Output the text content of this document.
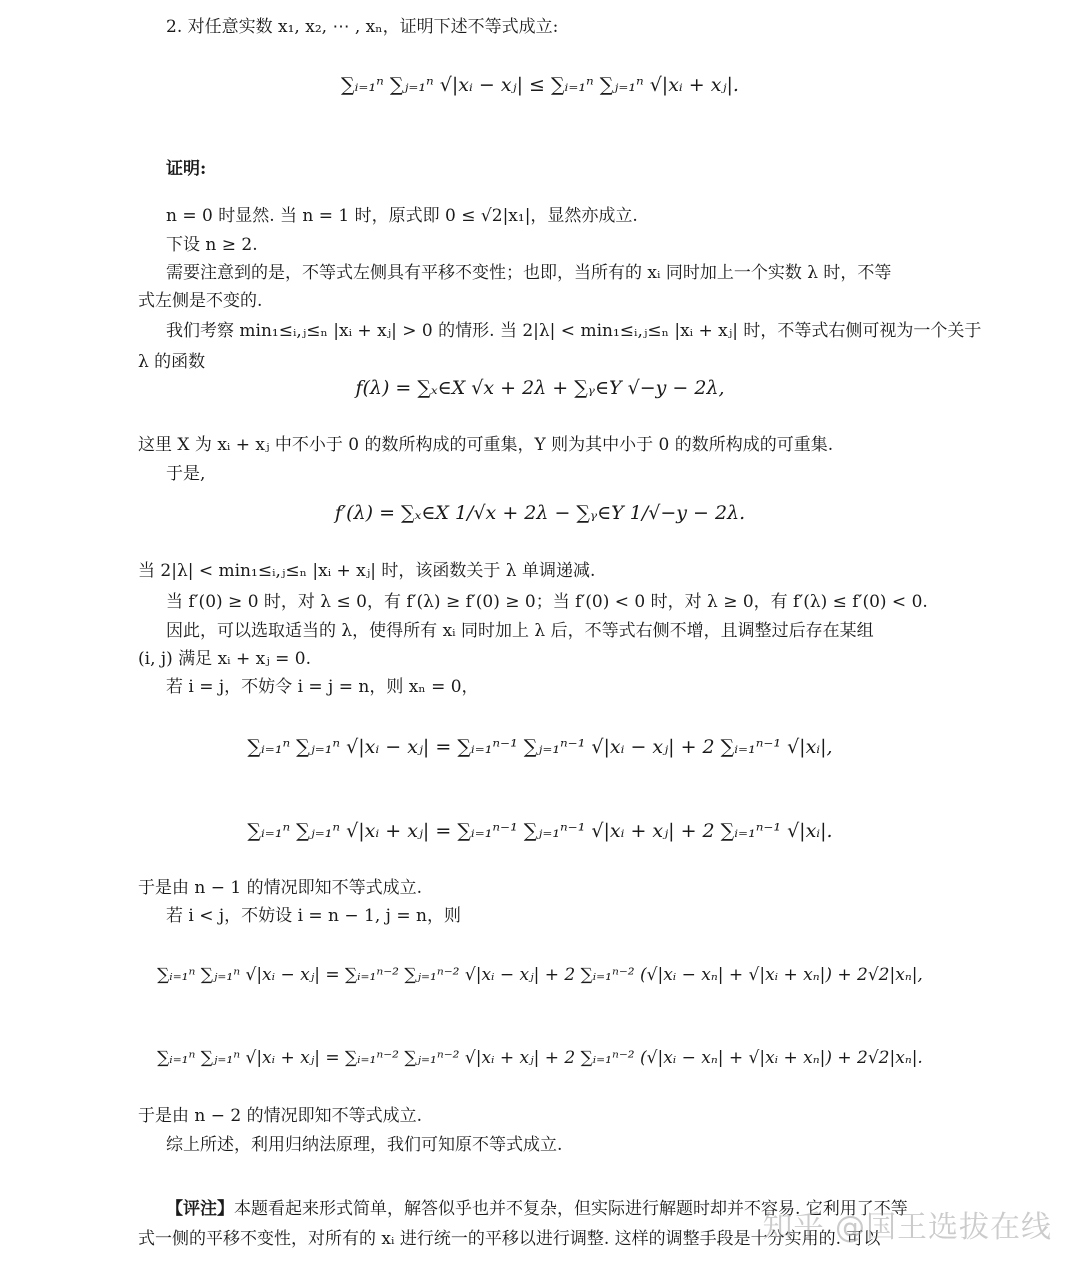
2. 对任意实数 x₁, x₂, ⋯ , xₙ，证明下述不等式成立:
∑ᵢ₌₁ⁿ ∑ⱼ₌₁ⁿ √|xᵢ − xⱼ| ≤ ∑ᵢ₌₁ⁿ ∑ⱼ₌₁ⁿ √|xᵢ + xⱼ|.
证明:
n = 0 时显然. 当 n = 1 时，原式即 0 ≤ √2|x₁|，显然亦成立.
下设 n ≥ 2.
需要注意到的是，不等式左侧具有平移不变性；也即，当所有的 xᵢ 同时加上一个实数 λ 时，不等
式左侧是不变的.
我们考察 min₁≤ᵢ,ⱼ≤ₙ |xᵢ + xⱼ| > 0 的情形. 当 2|λ| < min₁≤ᵢ,ⱼ≤ₙ |xᵢ + xⱼ| 时，不等式右侧可视为一个关于
λ 的函数
f(λ) = ∑ₓ∈X √x + 2λ + ∑ᵧ∈Y √−y − 2λ,
这里 X 为 xᵢ + xⱼ 中不小于 0 的数所构成的可重集，Y 则为其中小于 0 的数所构成的可重集.
于是,
f′(λ) = ∑ₓ∈X 1/√x + 2λ − ∑ᵧ∈Y 1/√−y − 2λ.
当 2|λ| < min₁≤ᵢ,ⱼ≤ₙ |xᵢ + xⱼ| 时，该函数关于 λ 单调递减.
当 f′(0) ≥ 0 时，对 λ ≤ 0，有 f′(λ) ≥ f′(0) ≥ 0；当 f′(0) < 0 时，对 λ ≥ 0，有 f′(λ) ≤ f′(0) < 0.
因此，可以选取适当的 λ，使得所有 xᵢ 同时加上 λ 后，不等式右侧不增，且调整过后存在某组
(i, j) 满足 xᵢ + xⱼ = 0.
若 i = j，不妨令 i = j = n，则 xₙ = 0，
∑ᵢ₌₁ⁿ ∑ⱼ₌₁ⁿ √|xᵢ − xⱼ| = ∑ᵢ₌₁ⁿ⁻¹ ∑ⱼ₌₁ⁿ⁻¹ √|xᵢ − xⱼ| + 2 ∑ᵢ₌₁ⁿ⁻¹ √|xᵢ|,
∑ᵢ₌₁ⁿ ∑ⱼ₌₁ⁿ √|xᵢ + xⱼ| = ∑ᵢ₌₁ⁿ⁻¹ ∑ⱼ₌₁ⁿ⁻¹ √|xᵢ + xⱼ| + 2 ∑ᵢ₌₁ⁿ⁻¹ √|xᵢ|.
于是由 n − 1 的情况即知不等式成立.
若 i < j，不妨设 i = n − 1, j = n，则
∑ᵢ₌₁ⁿ ∑ⱼ₌₁ⁿ √|xᵢ − xⱼ| = ∑ᵢ₌₁ⁿ⁻² ∑ⱼ₌₁ⁿ⁻² √|xᵢ − xⱼ| + 2 ∑ᵢ₌₁ⁿ⁻² (√|xᵢ − xₙ| + √|xᵢ + xₙ|) + 2√2|xₙ|,
∑ᵢ₌₁ⁿ ∑ⱼ₌₁ⁿ √|xᵢ + xⱼ| = ∑ᵢ₌₁ⁿ⁻² ∑ⱼ₌₁ⁿ⁻² √|xᵢ + xⱼ| + 2 ∑ᵢ₌₁ⁿ⁻² (√|xᵢ − xₙ| + √|xᵢ + xₙ|) + 2√2|xₙ|.
于是由 n − 2 的情况即知不等式成立.
综上所述，利用归纳法原理，我们可知原不等式成立.
【评注】本题看起来形式简单，解答似乎也并不复杂，但实际进行解题时却并不容易. 它利用了不等
式一侧的平移不变性，对所有的 xᵢ 进行统一的平移以进行调整. 这样的调整手段是十分实用的. 可以
知乎 @国王选拔在线
